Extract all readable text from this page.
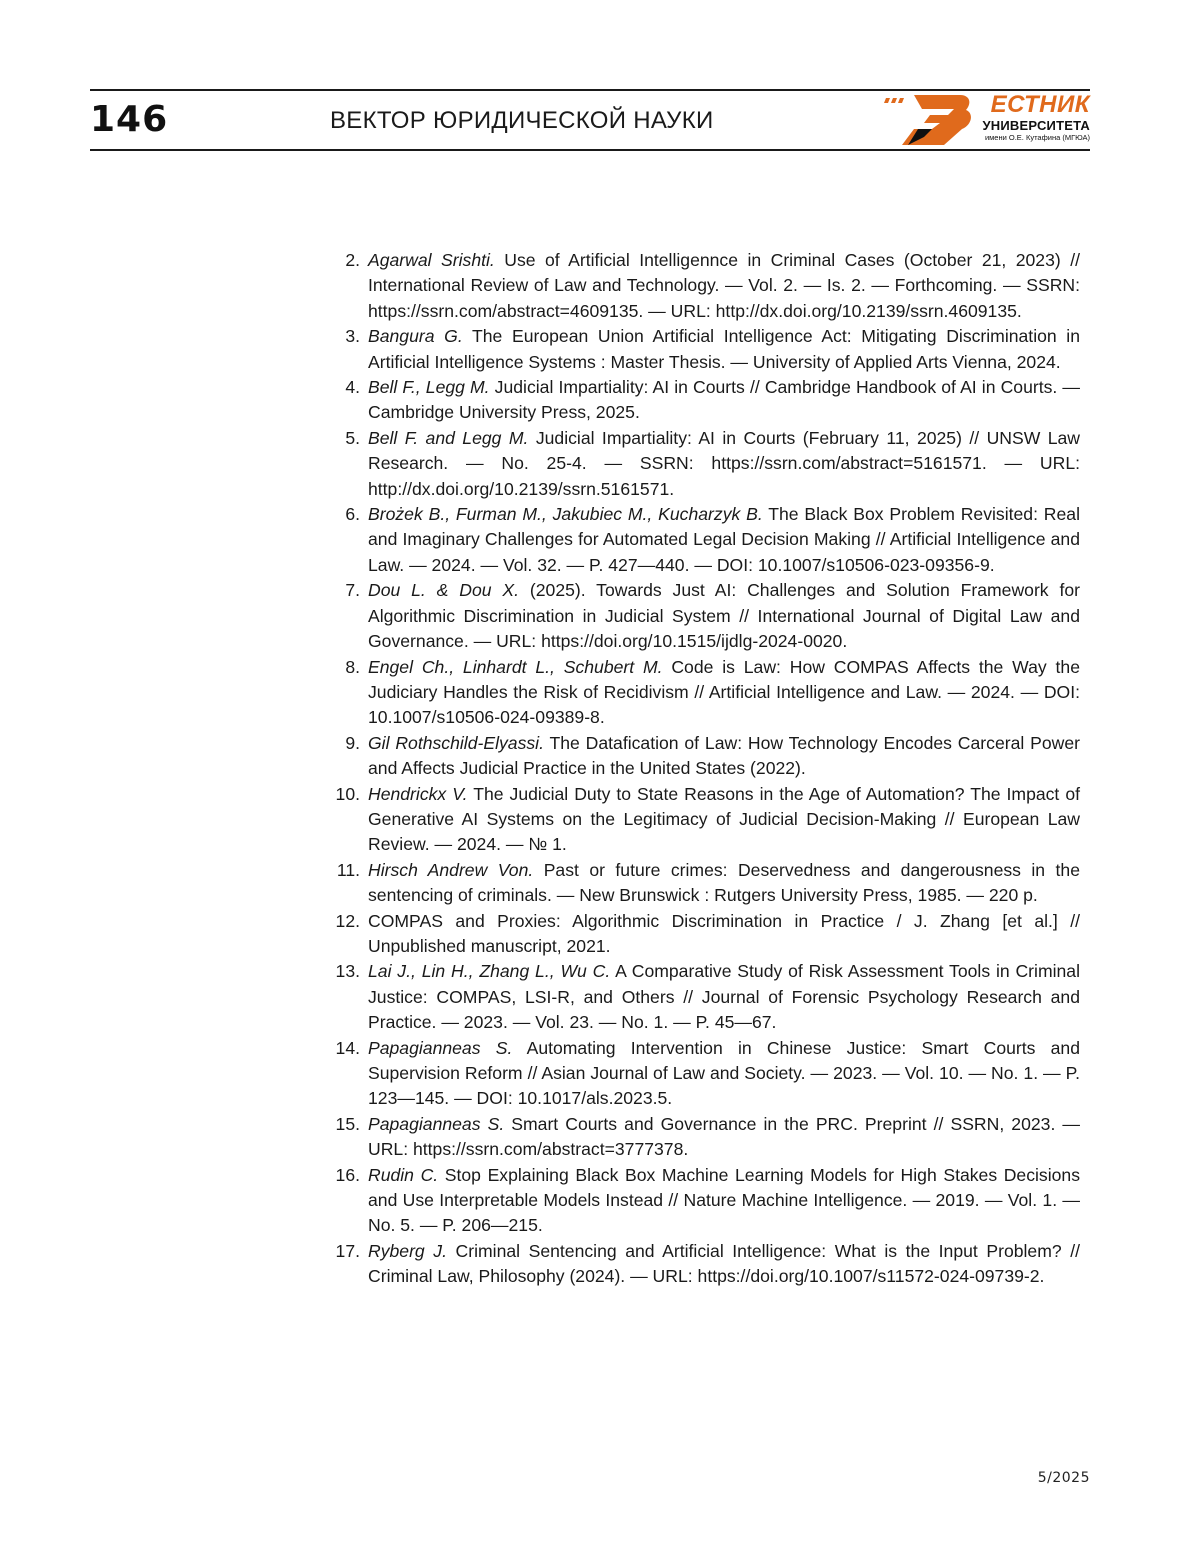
146	ВЕКТОР ЮРИДИЧЕСКОЙ НАУКИ
ЕСТНИК
УНИВЕРСИТЕТА
имени О.Е. Кутафина (МГЮА)
2. Agarwal Srishti. Use of Artificial Intelligennce in Criminal Cases (October 21, 2023) // International Review of Law and Technology. — Vol. 2. — Is. 2. — Forthcoming. — SSRN: https://ssrn.com/abstract=4609135. — URL: http://dx.doi.org/10.2139/ssrn.4609135.
3. Bangura G. The European Union Artificial Intelligence Act: Mitigating Discrimination in Artificial Intelligence Systems : Master Thesis. — University of Applied Arts Vienna, 2024.
4. Bell F., Legg M. Judicial Impartiality: AI in Courts // Cambridge Handbook of AI in Courts. — Cambridge University Press, 2025.
5. Bell F. and Legg M. Judicial Impartiality: AI in Courts (February 11, 2025) // UNSW Law Research. — No. 25-4. — SSRN: https://ssrn.com/abstract=5161571. — URL: http://dx.doi.org/10.2139/ssrn.5161571.
6. Brożek B., Furman M., Jakubiec M., Kucharzyk B. The Black Box Problem Revisited: Real and Imaginary Challenges for Automated Legal Decision Making // Artificial Intelligence and Law. — 2024. — Vol. 32. — P. 427—440. — DOI: 10.1007/s10506-023-09356-9.
7. Dou L. & Dou X. (2025). Towards Just AI: Challenges and Solution Framework for Algorithmic Discrimination in Judicial System // International Journal of Digital Law and Governance. — URL: https://doi.org/10.1515/ijdlg-2024-0020.
8. Engel Ch., Linhardt L., Schubert M. Code is Law: How COMPAS Affects the Way the Judiciary Handles the Risk of Recidivism // Artificial Intelligence and Law. — 2024. — DOI: 10.1007/s10506-024-09389-8.
9. Gil Rothschild-Elyassi. The Datafication of Law: How Technology Encodes Carceral Power and Affects Judicial Practice in the United States (2022).
10. Hendrickx V. The Judicial Duty to State Reasons in the Age of Automation? The Impact of Generative AI Systems on the Legitimacy of Judicial Decision-Making // European Law Review. — 2024. — № 1.
11. Hirsch Andrew Von. Past or future crimes: Deservedness and dangerousness in the sentencing of criminals. — New Brunswick : Rutgers University Press, 1985. — 220 p.
12. COMPAS and Proxies: Algorithmic Discrimination in Practice / J. Zhang [et al.] // Unpublished manuscript, 2021.
13. Lai J., Lin H., Zhang L., Wu C. A Comparative Study of Risk Assessment Tools in Criminal Justice: COMPAS, LSI-R, and Others // Journal of Forensic Psychology Research and Practice. — 2023. — Vol. 23. — No. 1. — P. 45—67.
14. Papagianneas S. Automating Intervention in Chinese Justice: Smart Courts and Supervision Reform // Asian Journal of Law and Society. — 2023. — Vol. 10. — No. 1. — P. 123—145. — DOI: 10.1017/als.2023.5.
15. Papagianneas S. Smart Courts and Governance in the PRC. Preprint // SSRN, 2023. — URL: https://ssrn.com/abstract=3777378.
16. Rudin C. Stop Explaining Black Box Machine Learning Models for High Stakes Decisions and Use Interpretable Models Instead // Nature Machine Intelligence. — 2019. — Vol. 1. — No. 5. — P. 206—215.
17. Ryberg J. Criminal Sentencing and Artificial Intelligence: What is the Input Problem? // Criminal Law, Philosophy (2024). — URL: https://doi.org/10.1007/s11572-024-09739-2.
5/2025
